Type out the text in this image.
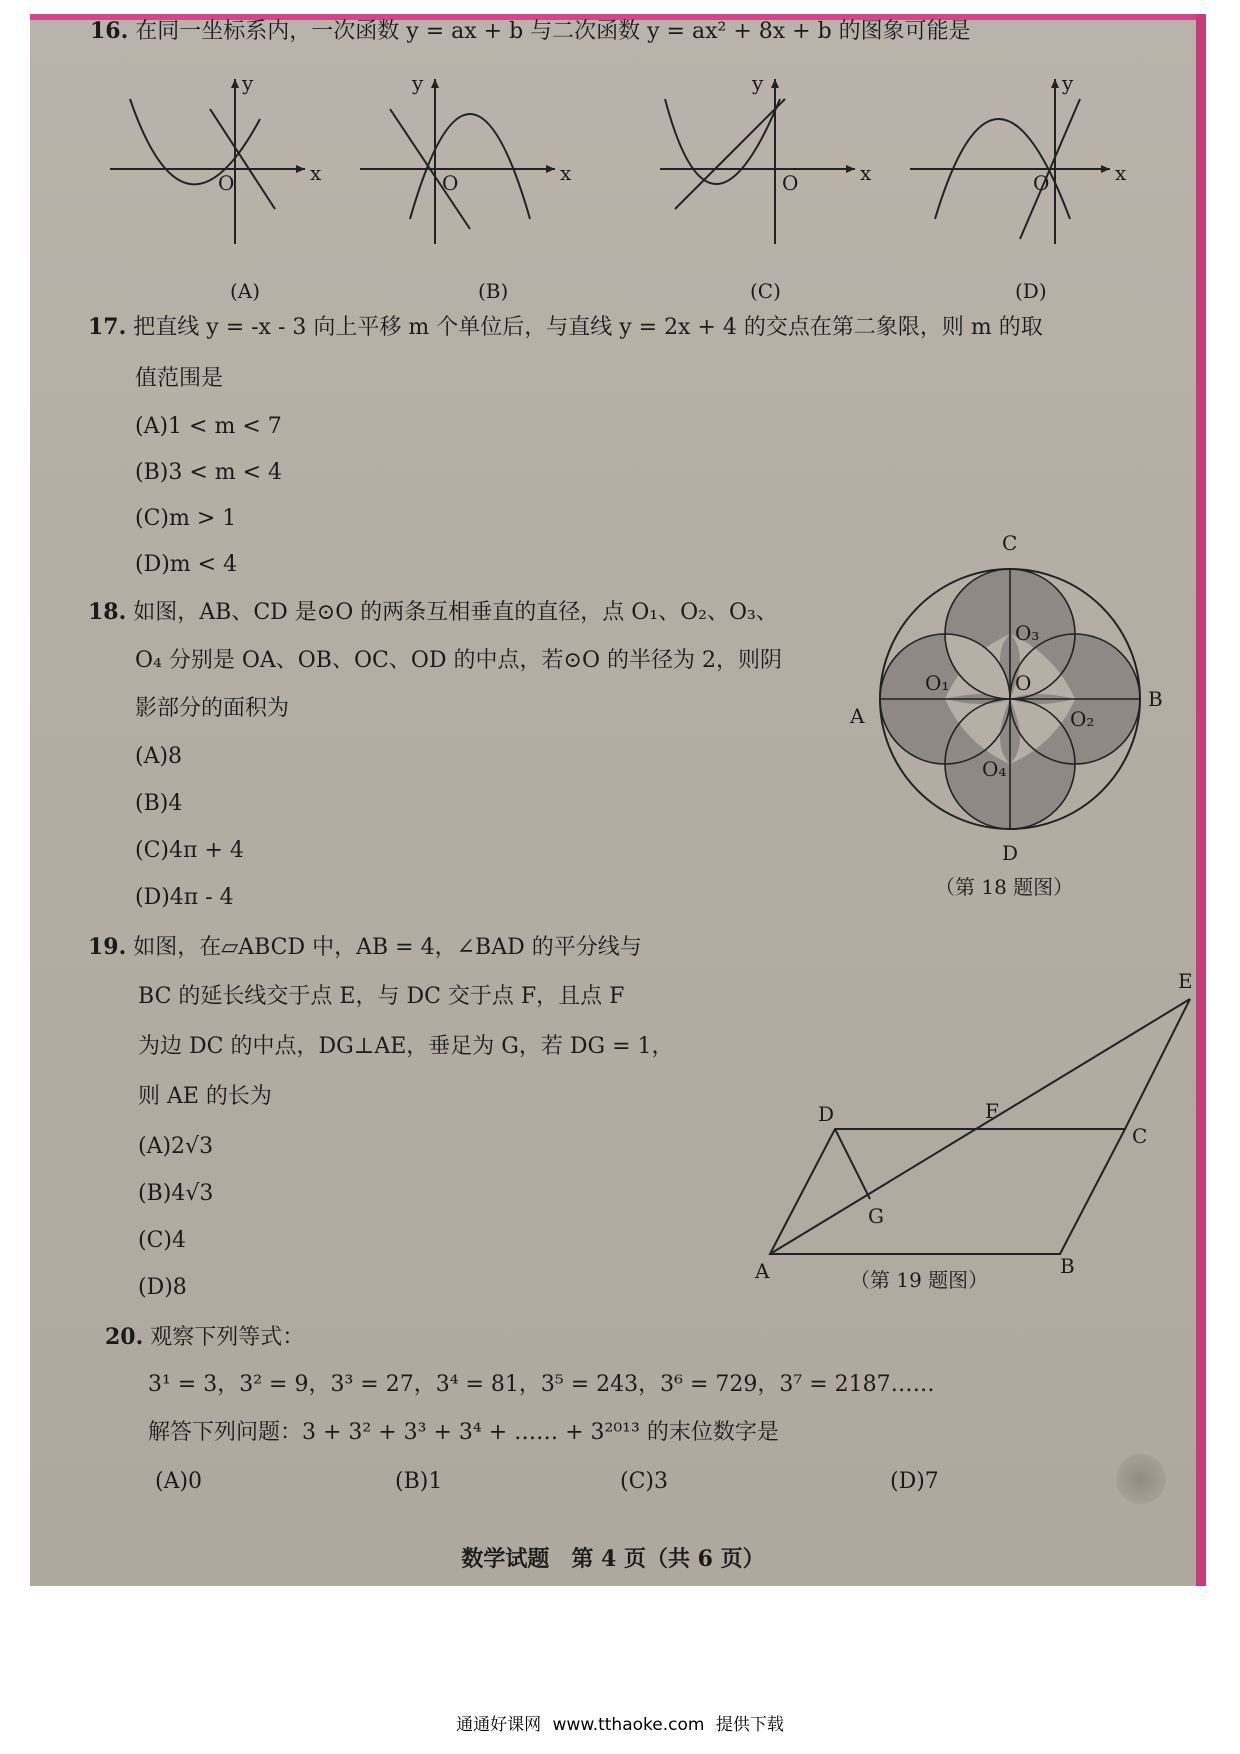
16. 在同一坐标系内，一次函数 y = ax + b 与二次函数 y = ax² + 8x + b 的图象可能是
x
y
O
(A)
x
y
O
(B)
x
y
O
(C)
x
y
O
(D)
17. 把直线 y = -x - 3 向上平移 m 个单位后，与直线 y = 2x + 4 的交点在第二象限，则 m 的取
值范围是
(A)1 < m < 7
(B)3 < m < 4
(C)m > 1
(D)m < 4
18. 如图，AB、CD 是⊙O 的两条互相垂直的直径，点 O₁、O₂、O₃、
O₄ 分别是 OA、OB、OC、OD 的中点，若⊙O 的半径为 2，则阴
影部分的面积为
(A)8
(B)4
(C)4π + 4
(D)4π - 4
C
A
B
D
O
O₁
O₂
O₃
O₄
（第 18 题图）
19. 如图，在▱ABCD 中，AB = 4，∠BAD 的平分线与
BC 的延长线交于点 E，与 DC 交于点 F，且点 F
为边 DC 的中点，DG⊥AE，垂足为 G，若 DG = 1，
则 AE 的长为
(A)2√3
(B)4√3
(C)4
(D)8
A	B
C
D
E
F
G
（第 19 题图）
20. 观察下列等式：
3¹ = 3，3² = 9，3³ = 27，3⁴ = 81，3⁵ = 243，3⁶ = 729，3⁷ = 2187……
解答下列问题：3 + 3² + 3³ + 3⁴ + …… + 3²⁰¹³ 的末位数字是
(A)0	(B)1	(C)3	(D)7
数学试题　第 4 页（共 6 页）
通通好课网 www.tthaoke.com 提供下载
